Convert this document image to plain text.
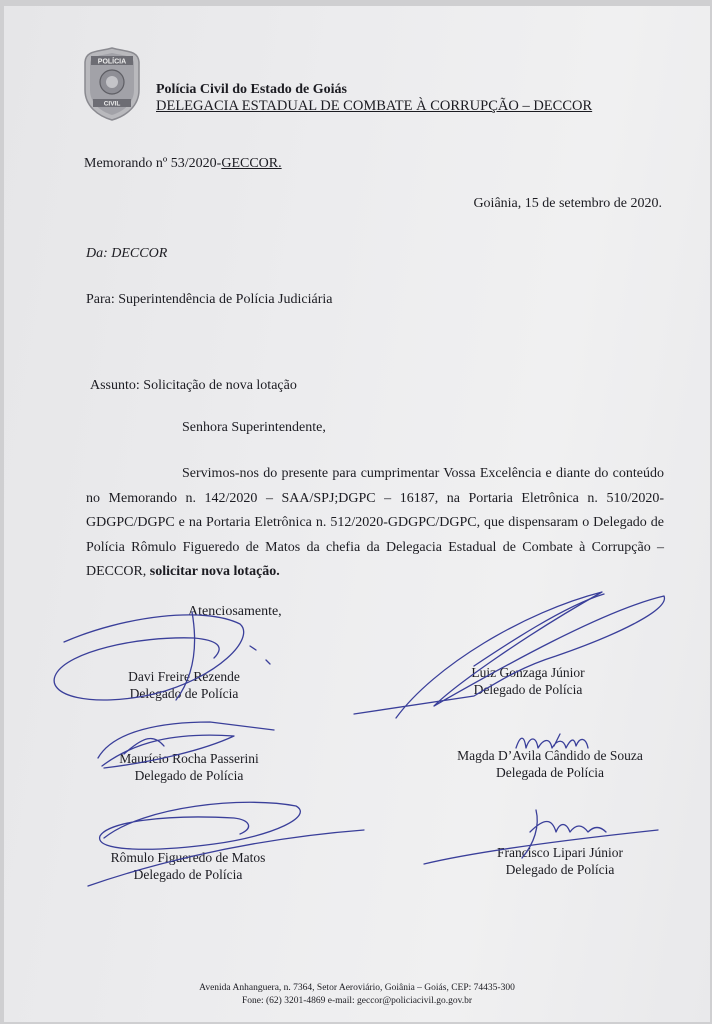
POLÍCIA
CIVIL
Polícia Civil do Estado de Goiás
DELEGACIA ESTADUAL DE COMBATE À CORRUPÇÃO – DECCOR
Memorando nº 53/2020-GECCOR.
Goiânia, 15 de setembro de 2020.
Da: DECCOR
Para: Superintendência de Polícia Judiciária
Assunto: Solicitação de nova lotação
Senhora Superintendente,
Servimos-nos do presente para cumprimentar Vossa Excelência e diante do conteúdo no Memorando n. 142/2020 – SAA/SPJ;DGPC – 16187, na Portaria Eletrônica n. 510/2020-GDGPC/DGPC e na Portaria Eletrônica n. 512/2020-GDGPC/DGPC, que dispensaram o Delegado de Polícia Rômulo Figueredo de Matos da chefia da Delegacia Estadual de Combate à Corrupção – DECCOR, solicitar nova lotação.
Atenciosamente,
Davi Freire Rezende
Delegado de Polícia
Luiz Gonzaga Júnior
Delegado de Polícia
Maurício Rocha Passerini
Delegado de Polícia
Magda D’Avila Cândido de Souza
Delegada de Polícia
Rômulo Figueredo de Matos
Delegado de Polícia
Francisco Lipari Júnior
Delegado de Polícia
Avenida Anhanguera, n. 7364, Setor Aeroviário, Goiânia – Goiás, CEP: 74435-300
Fone: (62) 3201-4869 e-mail: geccor@policiacivil.go.gov.br
